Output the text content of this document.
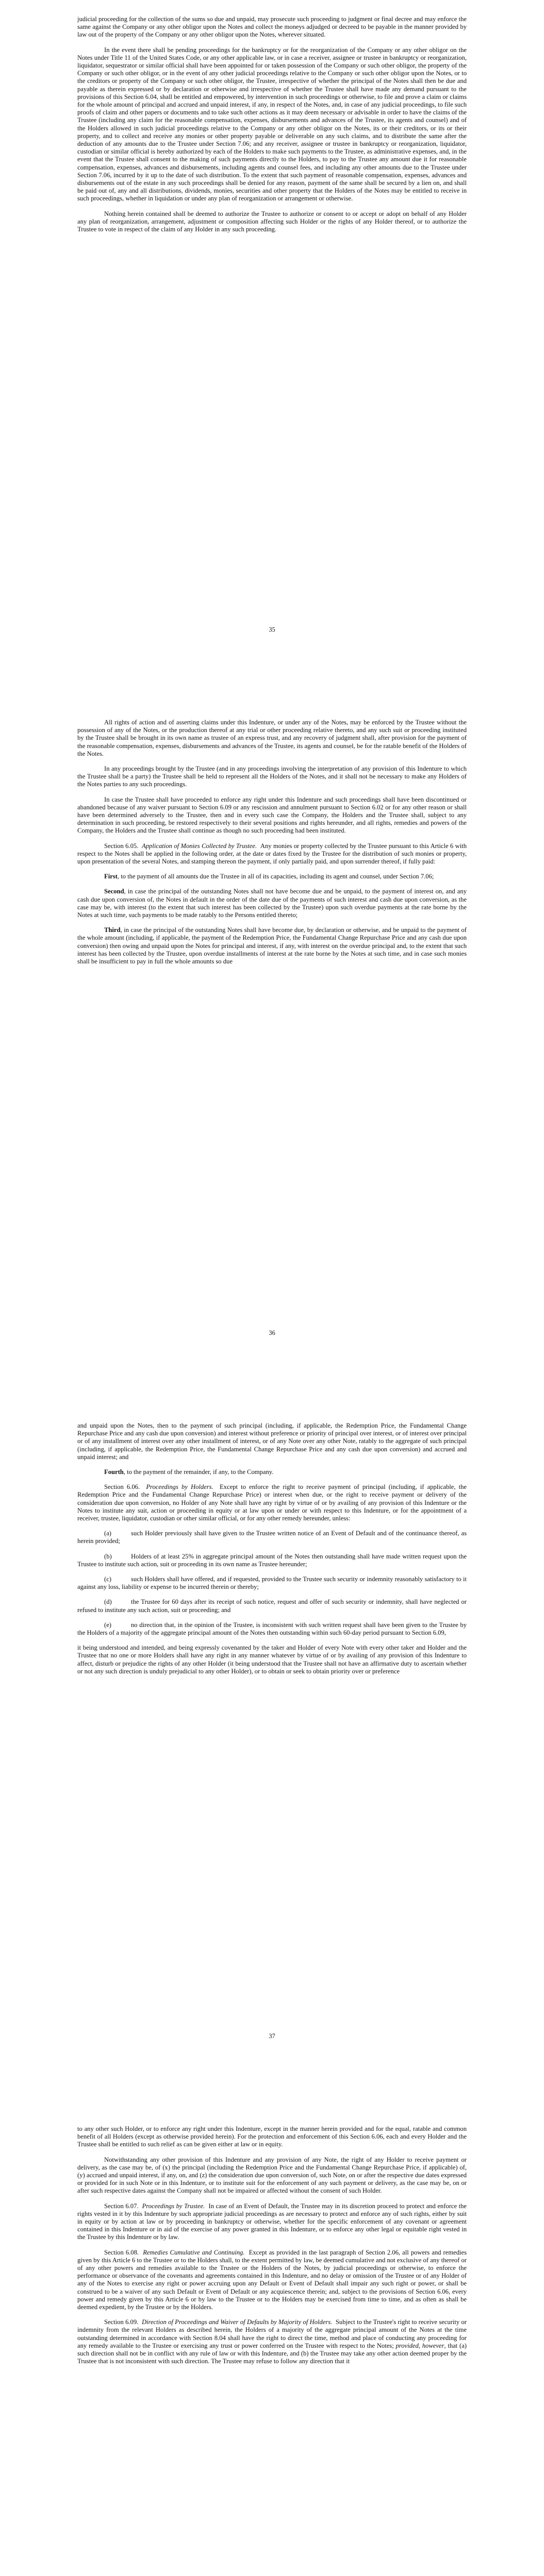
judicial proceeding for the collection of the sums so due and unpaid, may prosecute such proceeding to judgment or final decree and may enforce the same against the Company or any other obligor upon the Notes and collect the moneys adjudged or decreed to be payable in the manner provided by law out of the property of the Company or any other obligor upon the Notes, wherever situated.

In the event there shall be pending proceedings for the bankruptcy or for the reorganization of the Company or any other obligor on the Notes under Title 11 of the United States Code, or any other applicable law, or in case a receiver, assignee or trustee in bankruptcy or reorganization, liquidator, sequestrator or similar official shall have been appointed for or taken possession of the Company or such other obligor, the property of the Company or such other obligor, or in the event of any other judicial proceedings relative to the Company or such other obligor upon the Notes, or to the creditors or property of the Company or such other obligor, the Trustee, irrespective of whether the principal of the Notes shall then be due and payable as therein expressed or by declaration or otherwise and irrespective of whether the Trustee shall have made any demand pursuant to the provisions of this Section 6.04, shall be entitled and empowered, by intervention in such proceedings or otherwise, to file and prove a claim or claims for the whole amount of principal and accrued and unpaid interest, if any, in respect of the Notes, and, in case of any judicial proceedings, to file such proofs of claim and other papers or documents and to take such other actions as it may deem necessary or advisable in order to have the claims of the Trustee (including any claim for the reasonable compensation, expenses, disbursements and advances of the Trustee, its agents and counsel) and of the Holders allowed in such judicial proceedings relative to the Company or any other obligor on the Notes, its or their creditors, or its or their property, and to collect and receive any monies or other property payable or deliverable on any such claims, and to distribute the same after the deduction of any amounts due to the Trustee under Section 7.06; and any receiver, assignee or trustee in bankruptcy or reorganization, liquidator, custodian or similar official is hereby authorized by each of the Holders to make such payments to the Trustee, as administrative expenses, and, in the event that the Trustee shall consent to the making of such payments directly to the Holders, to pay to the Trustee any amount due it for reasonable compensation, expenses, advances and disbursements, including agents and counsel fees, and including any other amounts due to the Trustee under Section 7.06, incurred by it up to the date of such distribution. To the extent that such payment of reasonable compensation, expenses, advances and disbursements out of the estate in any such proceedings shall be denied for any reason, payment of the same shall be secured by a lien on, and shall be paid out of, any and all distributions, dividends, monies, securities and other property that the Holders of the Notes may be entitled to receive in such proceedings, whether in liquidation or under any plan of reorganization or arrangement or otherwise.

Nothing herein contained shall be deemed to authorize the Trustee to authorize or consent to or accept or adopt on behalf of any Holder any plan of reorganization, arrangement, adjustment or composition affecting such Holder or the rights of any Holder thereof, or to authorize the Trustee to vote in respect of the claim of any Holder in any such proceeding.

35

All rights of action and of asserting claims under this Indenture, or under any of the Notes, may be enforced by the Trustee without the possession of any of the Notes, or the production thereof at any trial or other proceeding relative thereto, and any such suit or proceeding instituted by the Trustee shall be brought in its own name as trustee of an express trust, and any recovery of judgment shall, after provision for the payment of the reasonable compensation, expenses, disbursements and advances of the Trustee, its agents and counsel, be for the ratable benefit of the Holders of the Notes.

In any proceedings brought by the Trustee (and in any proceedings involving the interpretation of any provision of this Indenture to which the Trustee shall be a party) the Trustee shall be held to represent all the Holders of the Notes, and it shall not be necessary to make any Holders of the Notes parties to any such proceedings.

In case the Trustee shall have proceeded to enforce any right under this Indenture and such proceedings shall have been discontinued or abandoned because of any waiver pursuant to Section 6.09 or any rescission and annulment pursuant to Section 6.02 or for any other reason or shall have been determined adversely to the Trustee, then and in every such case the Company, the Holders and the Trustee shall, subject to any determination in such proceeding, be restored respectively to their several positions and rights hereunder, and all rights, remedies and powers of the Company, the Holders and the Trustee shall continue as though no such proceeding had been instituted.

Section 6.05. Application of Monies Collected by Trustee. Any monies or property collected by the Trustee pursuant to this Article 6 with respect to the Notes shall be applied in the following order, at the date or dates fixed by the Trustee for the distribution of such monies or property, upon presentation of the several Notes, and stamping thereon the payment, if only partially paid, and upon surrender thereof, if fully paid:

First, to the payment of all amounts due the Trustee in all of its capacities, including its agent and counsel, under Section 7.06;

Second, in case the principal of the outstanding Notes shall not have become due and be unpaid, to the payment of interest on, and any cash due upon conversion of, the Notes in default in the order of the date due of the payments of such interest and cash due upon conversion, as the case may be, with interest (to the extent that such interest has been collected by the Trustee) upon such overdue payments at the rate borne by the Notes at such time, such payments to be made ratably to the Persons entitled thereto;

Third, in case the principal of the outstanding Notes shall have become due, by declaration or otherwise, and be unpaid to the payment of the whole amount (including, if applicable, the payment of the Redemption Price, the Fundamental Change Repurchase Price and any cash due upon conversion) then owing and unpaid upon the Notes for principal and interest, if any, with interest on the overdue principal and, to the extent that such interest has been collected by the Trustee, upon overdue installments of interest at the rate borne by the Notes at such time, and in case such monies shall be insufficient to pay in full the whole amounts so due

36

and unpaid upon the Notes, then to the payment of such principal (including, if applicable, the Redemption Price, the Fundamental Change Repurchase Price and any cash due upon conversion) and interest without preference or priority of principal over interest, or of interest over principal or of any installment of interest over any other installment of interest, or of any Note over any other Note, ratably to the aggregate of such principal (including, if applicable, the Redemption Price, the Fundamental Change Repurchase Price and any cash due upon conversion) and accrued and unpaid interest; and

Fourth, to the payment of the remainder, if any, to the Company.

Section 6.06. Proceedings by Holders. Except to enforce the right to receive payment of principal (including, if applicable, the Redemption Price and the Fundamental Change Repurchase Price) or interest when due, or the right to receive payment or delivery of the consideration due upon conversion, no Holder of any Note shall have any right by virtue of or by availing of any provision of this Indenture or the Notes to institute any suit, action or proceeding in equity or at law upon or under or with respect to this Indenture, or for the appointment of a receiver, trustee, liquidator, custodian or other similar official, or for any other remedy hereunder, unless:

(a)	such Holder previously shall have given to the Trustee written notice of an Event of Default and of the continuance thereof, as herein provided;

(b)	Holders of at least 25% in aggregate principal amount of the Notes then outstanding shall have made written request upon the Trustee to institute such action, suit or proceeding in its own name as Trustee hereunder;

(c)	such Holders shall have offered, and if requested, provided to the Trustee such security or indemnity reasonably satisfactory to it against any loss, liability or expense to be incurred therein or thereby;

(d)	the Trustee for 60 days after its receipt of such notice, request and offer of such security or indemnity, shall have neglected or refused to institute any such action, suit or proceeding; and

(e)	no direction that, in the opinion of the Trustee, is inconsistent with such written request shall have been given to the Trustee by the Holders of a majority of the aggregate principal amount of the Notes then outstanding within such 60-day period pursuant to Section 6.09,

it being understood and intended, and being expressly covenanted by the taker and Holder of every Note with every other taker and Holder and the Trustee that no one or more Holders shall have any right in any manner whatever by virtue of or by availing of any provision of this Indenture to affect, disturb or prejudice the rights of any other Holder (it being understood that the Trustee shall not have an affirmative duty to ascertain whether or not any such direction is unduly prejudicial to any other Holder), or to obtain or seek to obtain priority over or preference

37

to any other such Holder, or to enforce any right under this Indenture, except in the manner herein provided and for the equal, ratable and common benefit of all Holders (except as otherwise provided herein). For the protection and enforcement of this Section 6.06, each and every Holder and the Trustee shall be entitled to such relief as can be given either at law or in equity.

Notwithstanding any other provision of this Indenture and any provision of any Note, the right of any Holder to receive payment or delivery, as the case may be, of (x) the principal (including the Redemption Price and the Fundamental Change Repurchase Price, if applicable) of, (y) accrued and unpaid interest, if any, on, and (z) the consideration due upon conversion of, such Note, on or after the respective due dates expressed or provided for in such Note or in this Indenture, or to institute suit for the enforcement of any such payment or delivery, as the case may be, on or after such respective dates against the Company shall not be impaired or affected without the consent of such Holder.

Section 6.07. Proceedings by Trustee. In case of an Event of Default, the Trustee may in its discretion proceed to protect and enforce the rights vested in it by this Indenture by such appropriate judicial proceedings as are necessary to protect and enforce any of such rights, either by suit in equity or by action at law or by proceeding in bankruptcy or otherwise, whether for the specific enforcement of any covenant or agreement contained in this Indenture or in aid of the exercise of any power granted in this Indenture, or to enforce any other legal or equitable right vested in the Trustee by this Indenture or by law.

Section 6.08. Remedies Cumulative and Continuing. Except as provided in the last paragraph of Section 2.06, all powers and remedies given by this Article 6 to the Trustee or to the Holders shall, to the extent permitted by law, be deemed cumulative and not exclusive of any thereof or of any other powers and remedies available to the Trustee or the Holders of the Notes, by judicial proceedings or otherwise, to enforce the performance or observance of the covenants and agreements contained in this Indenture, and no delay or omission of the Trustee or of any Holder of any of the Notes to exercise any right or power accruing upon any Default or Event of Default shall impair any such right or power, or shall be construed to be a waiver of any such Default or Event of Default or any acquiescence therein; and, subject to the provisions of Section 6.06, every power and remedy given by this Article 6 or by law to the Trustee or to the Holders may be exercised from time to time, and as often as shall be deemed expedient, by the Trustee or by the Holders.

Section 6.09. Direction of Proceedings and Waiver of Defaults by Majority of Holders. Subject to the Trustee's right to receive security or indemnity from the relevant Holders as described herein, the Holders of a majority of the aggregate principal amount of the Notes at the time outstanding determined in accordance with Section 8.04 shall have the right to direct the time, method and place of conducting any proceeding for any remedy available to the Trustee or exercising any trust or power conferred on the Trustee with respect to the Notes; provided, however, that (a) such direction shall not be in conflict with any rule of law or with this Indenture, and (b) the Trustee may take any other action deemed proper by the Trustee that is not inconsistent with such direction. The Trustee may refuse to follow any direction that it
